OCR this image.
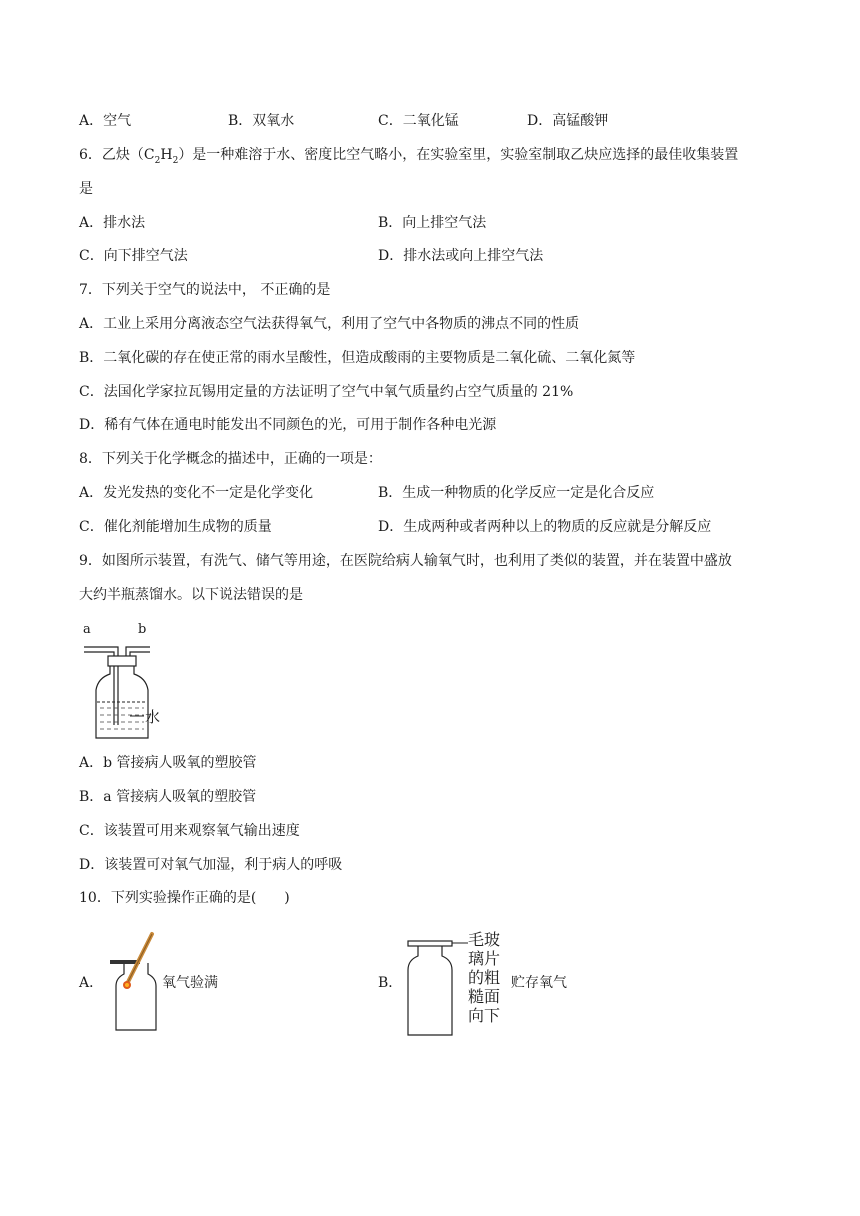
A．空气	B．双氧水	C．二氧化锰	D．高锰酸钾
6．乙炔$(C_2H_2)$是一种难溶于水、密度比空气略小，在实验室里，实验室制取乙炔应选择的最佳收集装置
是
A．排水法	B．向上排空气法
C．向下排空气法	D．排水法或向上排空气法
7．下列关于空气的说法中， 不正确的是
A．工业上采用分离液态空气法获得氧气，利用了空气中各物质的沸点不同的性质
B．二氧化碳的存在使正常的雨水呈酸性，但造成酸雨的主要物质是二氧化硫、二氧化氮等
C．法国化学家拉瓦锡用定量的方法证明了空气中氧气质量约占空气质量的 21%
D．稀有气体在通电时能发出不同颜色的光，可用于制作各种电光源
8．下列关于化学概念的描述中，正确的一项是：
A．发光发热的变化不一定是化学变化	B．生成一种物质的化学反应一定是化合反应
C．催化剂能增加生成物的质量	D．生成两种或者两种以上的物质的反应就是分解反应
9．如图所示装置，有洗气、储气等用途，在医院给病人输氧气时，也利用了类似的装置，并在装置中盛放
大约半瓶蒸馏水。以下说法错误的是
a	b
水
A．b 管接病人吸氧的塑胶管
B．a 管接病人吸氧的塑胶管
C．该装置可用来观察氧气输出速度
D．该装置可对氧气加湿，利于病人的呼吸
10．下列实验操作正确的是(　　)
A．	氧气验满	B．
毛玻
璃片
的粗
糙面
向下
贮存氧气
